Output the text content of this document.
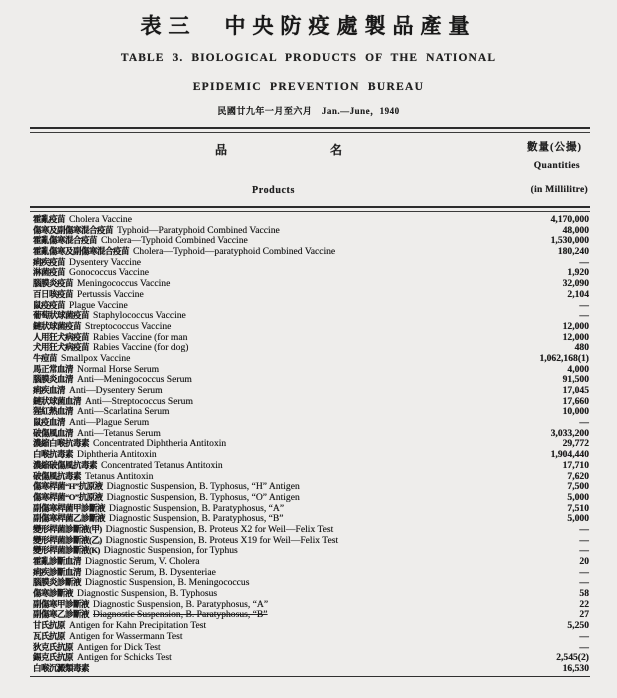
表三　中央防疫處製品產量
TABLE 3. BIOLOGICAL PRODUCTS OF THE NATIONAL
EPIDEMIC PREVENTION BUREAU
民國廿九年一月至六月　Jan.—June，1940
品	名	數量(公撮)
Quantities
Products	(in Millilitre)
霍亂疫苗 Cholera Vaccine	4,170,000
傷寒及副傷寒混合疫苗 Typhoid—Paratyphoid Combined Vaccine	48,000
霍亂傷寒混合疫苗 Cholera—Typhoid Combined Vaccine	1,530,000
霍亂傷寒及副傷寒混合疫苗 Cholera—Typhoid—paratyphoid Combined Vaccine	180,240
痢疾疫苗 Dysentery Vaccine	—
淋菌疫苗 Gonococcus Vaccine	1,920
腦膜炎疫苗 Meningococcus Vaccine	32,090
百日咳疫苗 Pertussis Vaccine	2,104
鼠疫疫苗 Plague Vaccine	—
葡萄狀球菌疫苗 Staphylococcus Vaccine	—
鏈狀球菌疫苗 Streptococcus Vaccine	12,000
人用狂犬病疫苗 Rabies Vaccine (for man	12,000
犬用狂犬病疫苗 Rabies Vaccine (for dog)	480
牛痘苗 Smallpox Vaccine	1,062,168(1)
馬正常血清 Normal Horse Serum	4,000
腦膜炎血清 Anti—Meningococcus Serum	91,500
痢疾血清 Anti—Dysentery Serum	17,045
鏈狀球菌血清 Anti—Streptococcus Serum	17,660
猩紅熱血清 Anti—Scarlatina Serum	10,000
鼠疫血清 Anti—Plague Serum	—
破傷風血清 Anti—Tetanus Serum	3,033,200
濃縮白喉抗毒素 Concentrated Diphtheria Antitoxin	29,772
白喉抗毒素 Diphtheria Antitoxin	1,904,440
濃縮破傷風抗毒素 Concentrated Tetanus Antitoxin	17,710
破傷風抗毒素 Tetanus Antitoxin	7,620
傷寒桿菌“H”抗原液 Diagnostic Suspension, B. Typhosus, “H” Antigen	7,500
傷寒桿菌“O”抗原液 Diagnostic Suspension, B. Typhosus, “O” Antigen	5,000
副傷寒桿菌甲診斷液 Diagnostic Suspension, B. Paratyphosus, “A”	7,510
副傷寒桿菌乙診斷液 Diagnostic Suspension, B. Paratyphosus, “B”	5,000
變形桿菌診斷液(甲) Diagnostic Suspension, B. Proteus X2 for Weil—Felix Test	—
變形桿菌診斷液(乙) Diagnostic Suspension, B. Proteus X19 for Weil—Felix Test	—
變形桿菌診斷液(K) Diagnostic Suspension, for Typhus	—
霍亂診斷血清 Diagnostic Serum, V. Cholera	20
痢疾診斷血清 Diagnostic Serum, B. Dysenteriae	—
腦膜炎診斷液 Diagnostic Suspension, B. Meningococcus	—
傷寒診斷液 Diagnostic Suspension, B. Typhosus	58
副傷寒甲診斷液 Diagnostic Suspension, B. Paratyphosus, “A”	22
副傷寒乙診斷液 Diagnostic Suspension, B. Paratyphosus, “B”	27
甘氏抗原 Antigen for Kahn Precipitation Test	5,250
瓦氏抗原 Antigen for Wassermann Test	—
狄克氏抗原 Antigen for Dick Test	—
錫克氏抗原 Antigen for Schicks Test	2,545(2)
白喉沉澱類毒素	16,530
